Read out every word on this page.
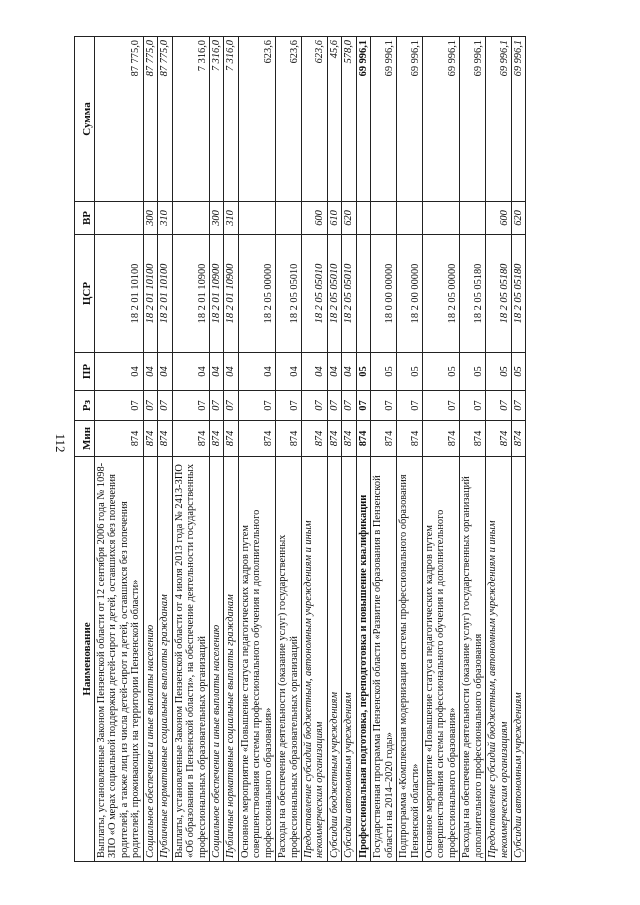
112
Наименование	Мин	Рз	ПР	ЦСР	ВР	Сумма
Выплаты, установленные Законом Пензенской области от 12 сентября 2006 года № 1098-ЗПО «О мерах социальной поддержки детей-сирот и детей, оставшихся без попечения родителей, а также лиц из числа детей-сирот и детей, оставшихся без попечения родителей, проживающих на территории Пензенской области»	874	07	04	18 2 01 10100		87 775,0
Социальное обеспечение и иные выплаты населению	874	07	04	18 2 01 10100	300	87 775,0
Публичные нормативные социальные выплаты гражданам	874	07	04	18 2 01 10100	310	87 775,0
Выплаты, установленные Законом Пензенской области от 4 июля 2013 года № 2413-ЗПО «Об образовании в Пензенской области», на обеспечение деятельности государственных профессиональных образовательных организаций	874	07	04	18 2 01 10900		7 316,0
Социальное обеспечение и иные выплаты населению	874	07	04	18 2 01 10900	300	7 316,0
Публичные нормативные социальные выплаты гражданам	874	07	04	18 2 01 10900	310	7 316,0
Основное мероприятие «Повышение статуса педагогических кадров путем совершенствования системы профессионального обучения и дополнительного профессионального образования»	874	07	04	18 2 05 00000		623,6
Расходы на обеспечение деятельности (оказание услуг) государственных профессиональных образовательных организаций	874	07	04	18 2 05 05010		623,6
Предоставление субсидий бюджетным, автономным учреждениям и иным некоммерческим организациям	874	07	04	18 2 05 05010	600	623,6
Субсидии бюджетным учреждениям	874	07	04	18 2 05 05010	610	45,6
Субсидии автономным учреждениям	874	07	04	18 2 05 05010	620	578,0
Профессиональная подготовка, переподготовка и повышение квалификации	874	07	05			69 996,1
Государственная программа Пензенской области «Развитие образования в Пензенской области на 2014–2020 годы»	874	07	05	18 0 00 00000		69 996,1
Подпрограмма «Комплексная модернизация системы профессионального образования Пензенской области»	874	07	05	18 2 00 00000		69 996,1
Основное мероприятие «Повышение статуса педагогических кадров путем совершенствования системы профессионального обучения и дополнительного профессионального образования»	874	07	05	18 2 05 00000		69 996,1
Расходы на обеспечение деятельности (оказание услуг) государственных организаций дополнительного профессионального образования	874	07	05	18 2 05 05180		69 996,1
Предоставление субсидий бюджетным, автономным учреждениям и иным некоммерческим организациям	874	07	05	18 2 05 05180	600	69 996,1
Субсидии автономным учреждениям	874	07	05	18 2 05 05180	620	69 996,1
